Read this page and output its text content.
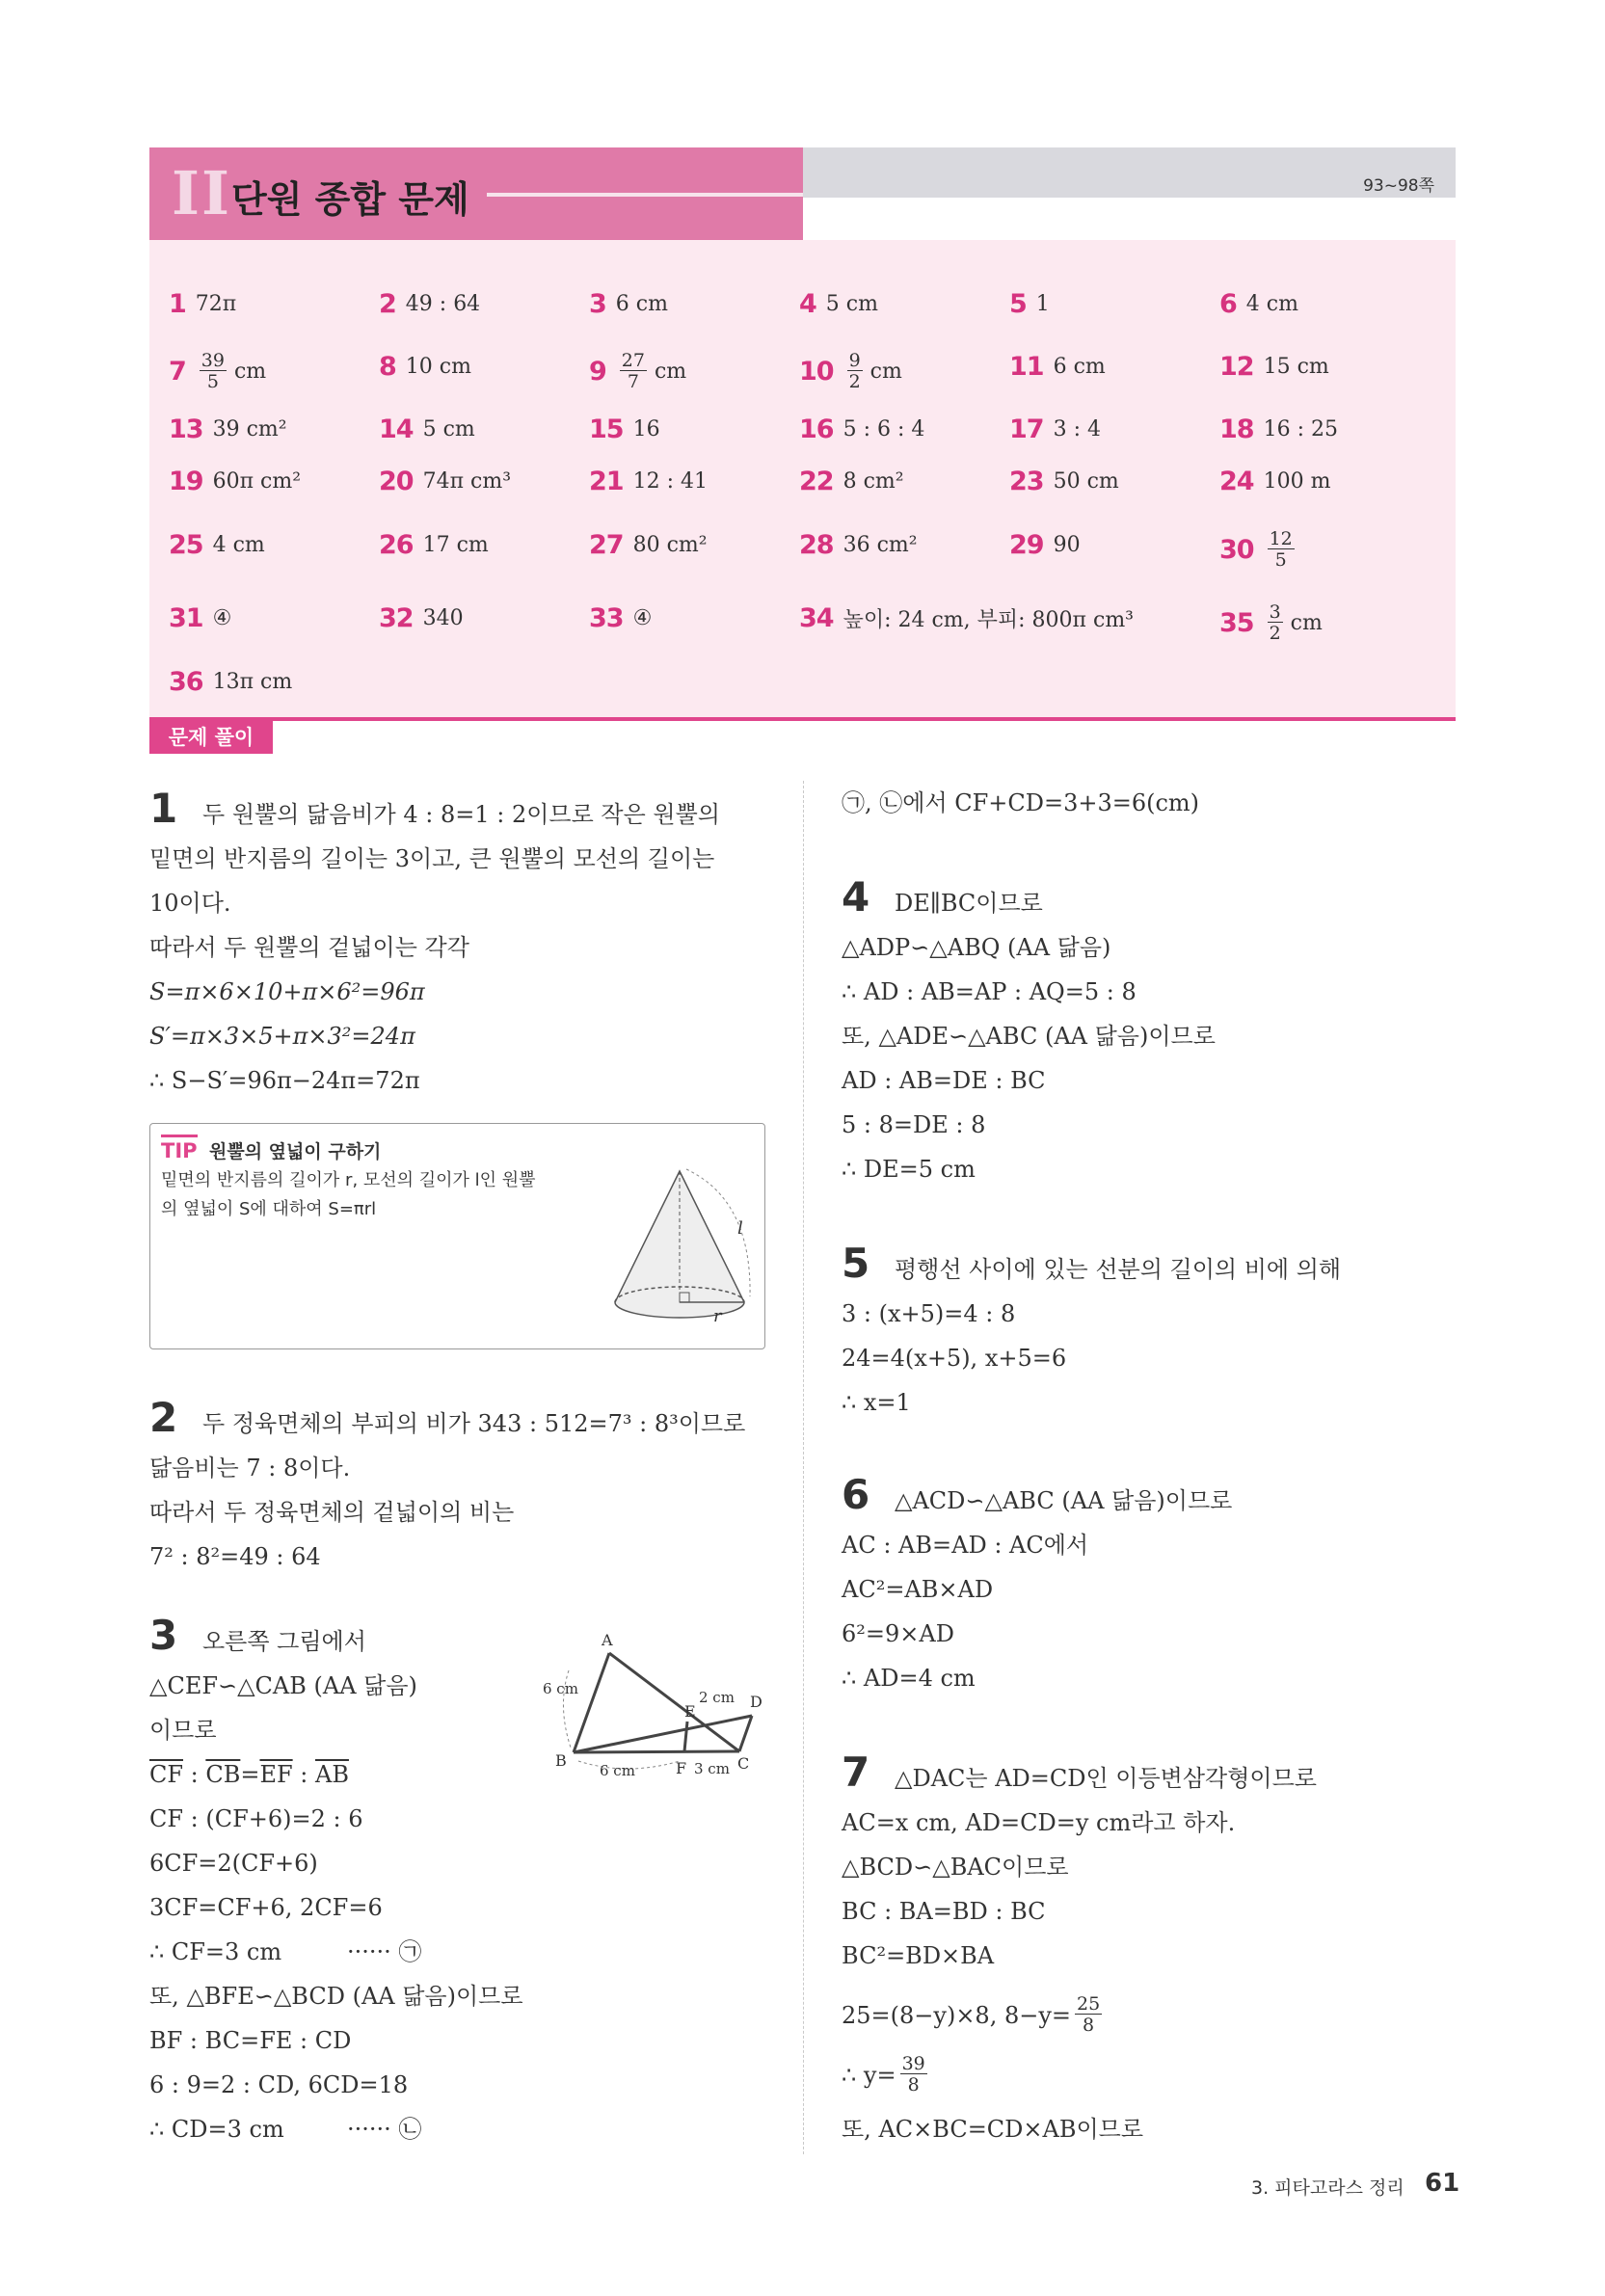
II 단원 종합 문제	93~98쪽
1 72π	2 49 : 64	3 6 cm	4 5 cm	5 1	6 4 cm
$7 \frac{39}{5}$ cm	8 10 cm	$9 \frac{27}{7}$ cm	$10 \frac{9}{2}$ cm	11 6 cm	12 15 cm
13 39 cm²	14 5 cm	15 16	16 5 : 6 : 4	17 3 : 4	18 16 : 25
19 60π cm²	20 74π cm³	21 12 : 41	22 8 cm²	23 50 cm	24 100 m
25 4 cm	26 17 cm	27 80 cm²	28 36 cm²	29 90	$30 \frac{12}{5}$
31 ④	32 340	33 ④	34 높이: 24 cm, 부피: 800π cm³	$35 \frac{3}{2}$ cm
36 13π cm
문제 풀이
1 두 원뿔의 닮음비가 4 : 8=1 : 2이므로 작은 원뿔의
밑면의 반지름의 길이는 3이고, 큰 원뿔의 모선의 길이는
10이다.
따라서 두 원뿔의 겉넓이는 각각
S=π×6×10+π×6²=96π
S′=π×3×5+π×3²=24π
∴ S−S′=96π−24π=72π
TIP 원뿔의 옆넓이 구하기
밑면의 반지름의 길이가 r, 모선의 길이가 l인 원뿔
의 옆넓이 S에 대하여 S=πrl
l
r
2 두 정육면체의 부피의 비가 343 : 512=7³ : 8³이므로
닮음비는 7 : 8이다.
따라서 두 정육면체의 겉넓이의 비는
7² : 8²=49 : 64
3 오른쪽 그림에서
△CEF∽△CAB (AA 닮음)
이므로
$\overline{CF}$ : $\overline{CB}=\overline{EF}$ : $\overline{AB}$
CF : (CF+6)=2 : 6
6CF=2(CF+6)
3CF=CF+6, 2CF=6
∴ CF=3 cm	······ ㉠
또, △BFE∽△BCD (AA 닮음)이므로
BF : BC=FE : CD
6 : 9=2 : CD, 6CD=18
∴ CD=3 cm	······ ㉡
A
B	C
D
E
F
6 cm	2 cm
6 cm	3 cm
㉠, ㉡에서 CF+CD=3+3=6(cm)
4 DE∥BC이므로
△ADP∽△ABQ (AA 닮음)
∴ AD : AB=AP : AQ=5 : 8
또, △ADE∽△ABC (AA 닮음)이므로
AD : AB=DE : BC
5 : 8=DE : 8
∴ DE=5 cm
5 평행선 사이에 있는 선분의 길이의 비에 의해
3 : (x+5)=4 : 8
24=4(x+5), x+5=6
∴ x=1
6 △ACD∽△ABC (AA 닮음)이므로
AC : AB=AD : AC에서
AC²=AB×AD
6²=9×AD
∴ AD=4 cm
7 △DAC는 AD=CD인 이등변삼각형이므로
AC=x cm, AD=CD=y cm라고 하자.
△BCD∽△BAC이므로
BC : BA=BD : BC
BC²=BD×BA
25=(8−y)×8, $8-y= \frac{25}{8}$
∴ $y= \frac{39}{8}$
또, AC×BC=CD×AB이므로
3. 피타고라스 정리 61
